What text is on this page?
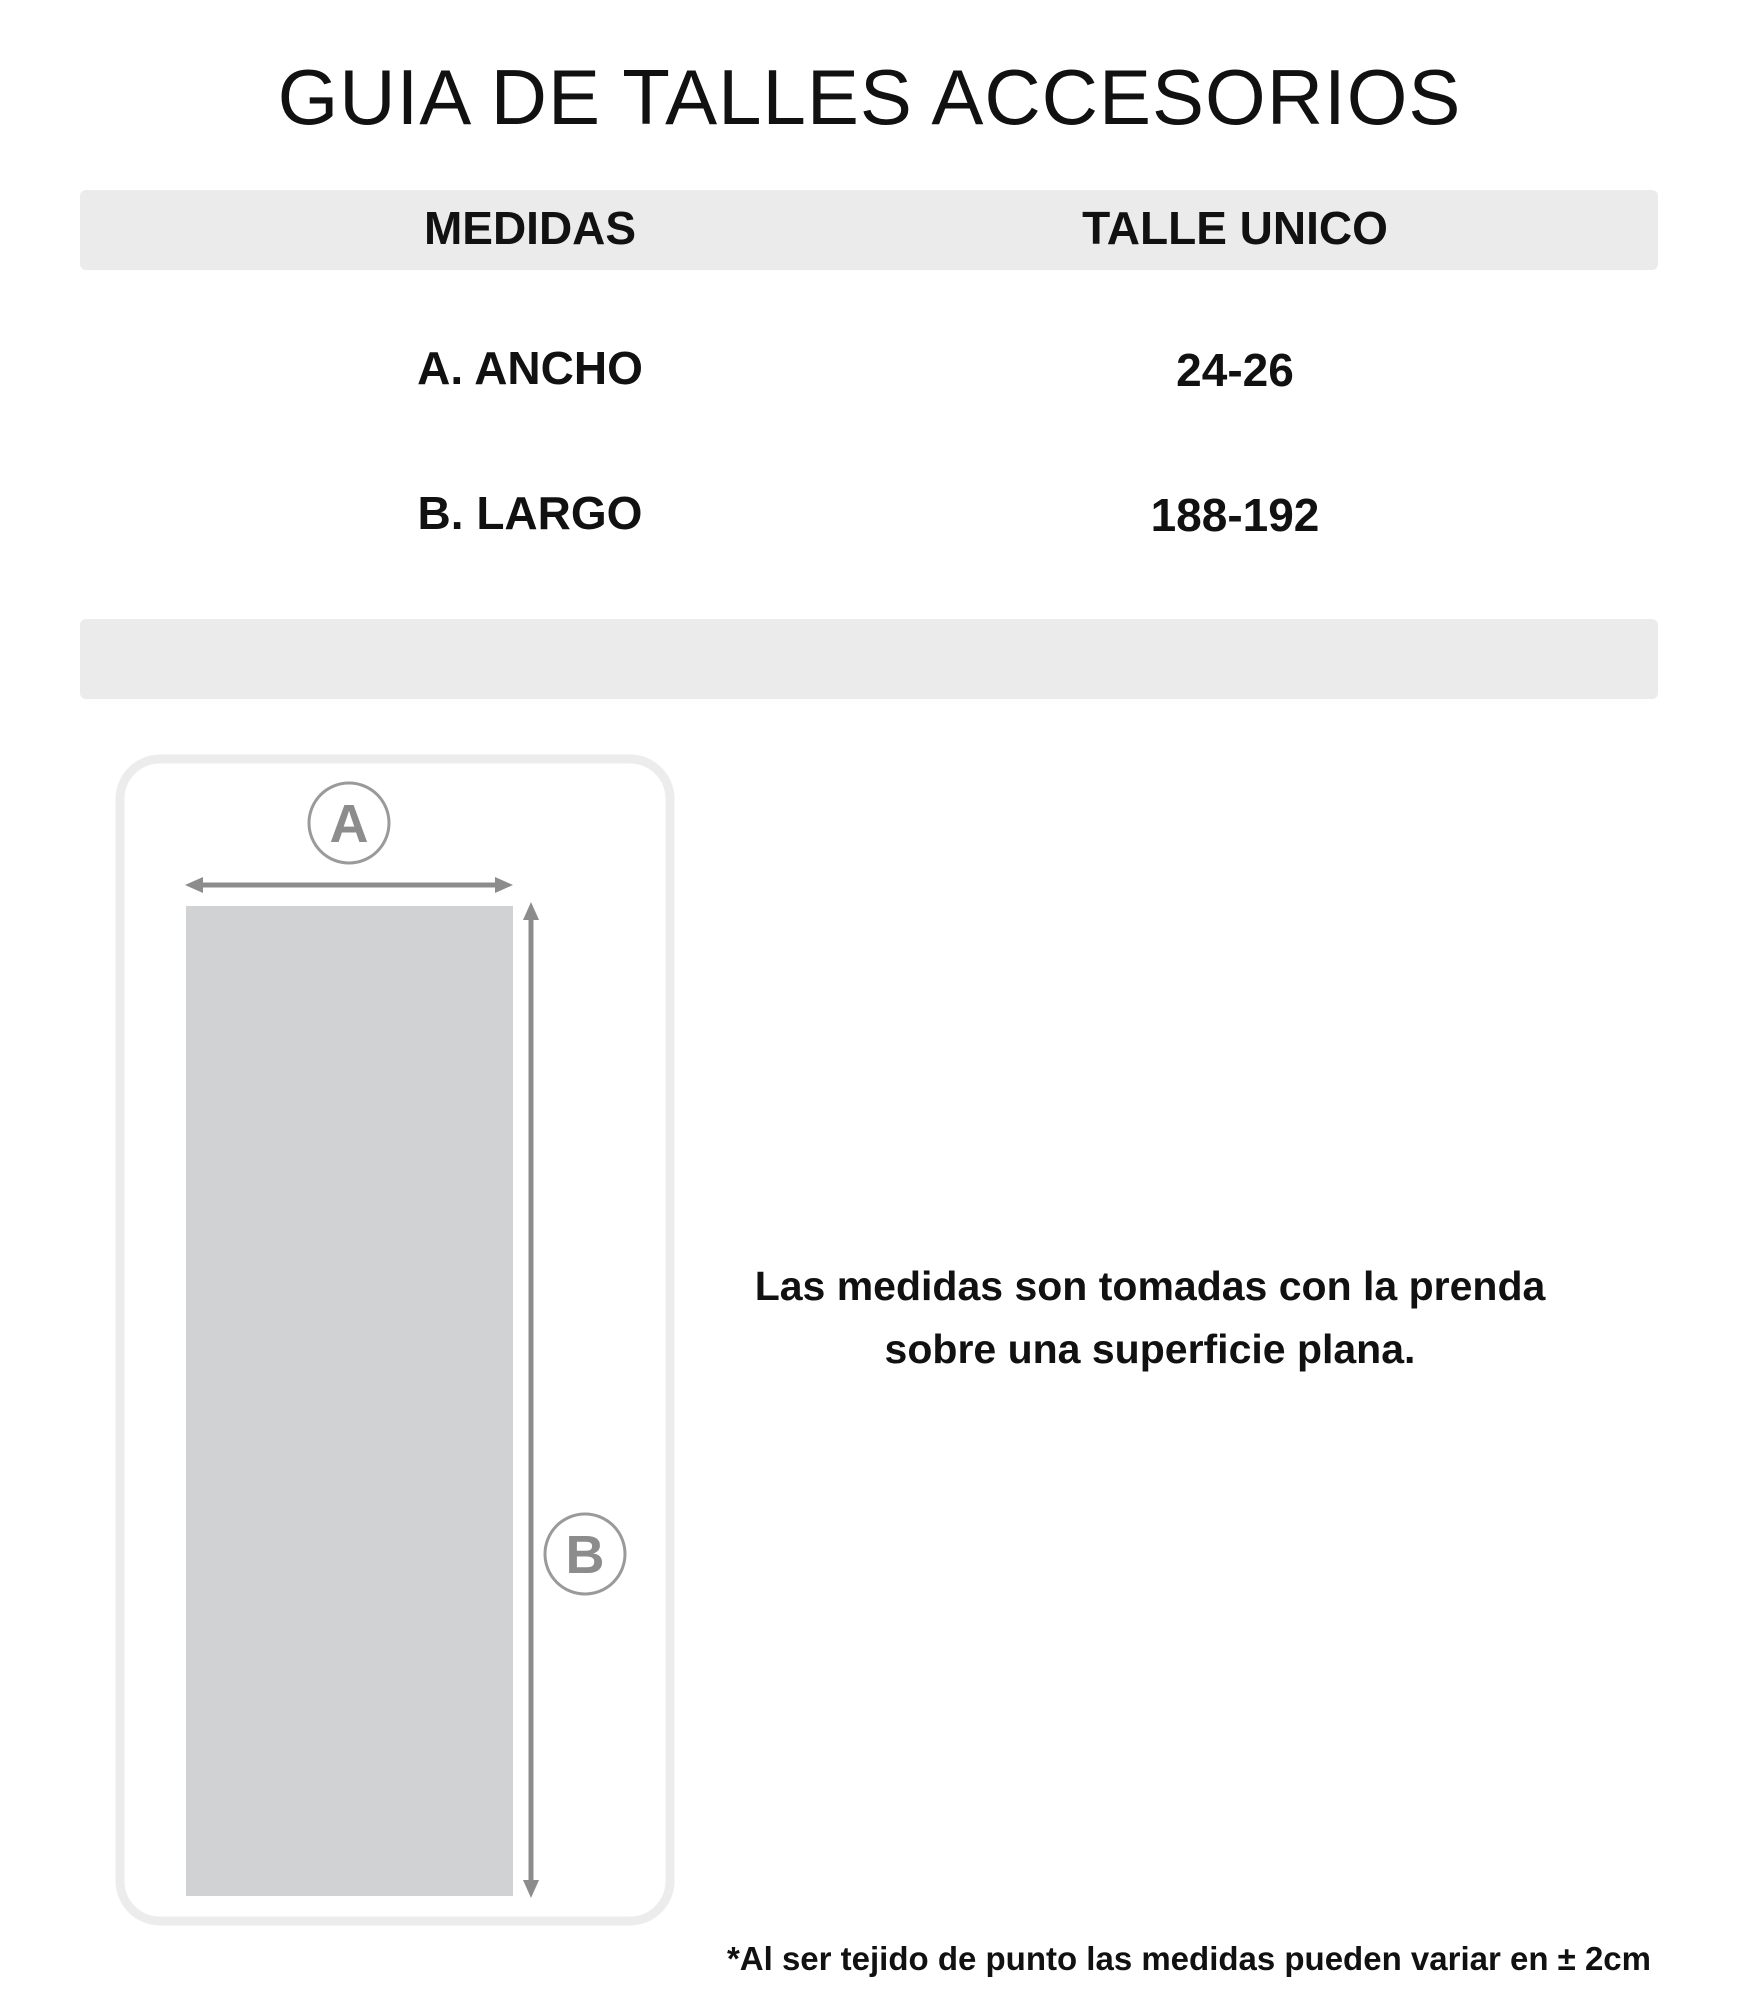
GUIA DE TALLES ACCESORIOS
MEDIDAS	TALLE UNICO
A. ANCHO	24-26
B. LARGO	188-192
A
B
Las medidas son tomadas con la prenda
sobre una superficie plana.
*Al ser tejido de punto las medidas pueden variar en ± 2cm
